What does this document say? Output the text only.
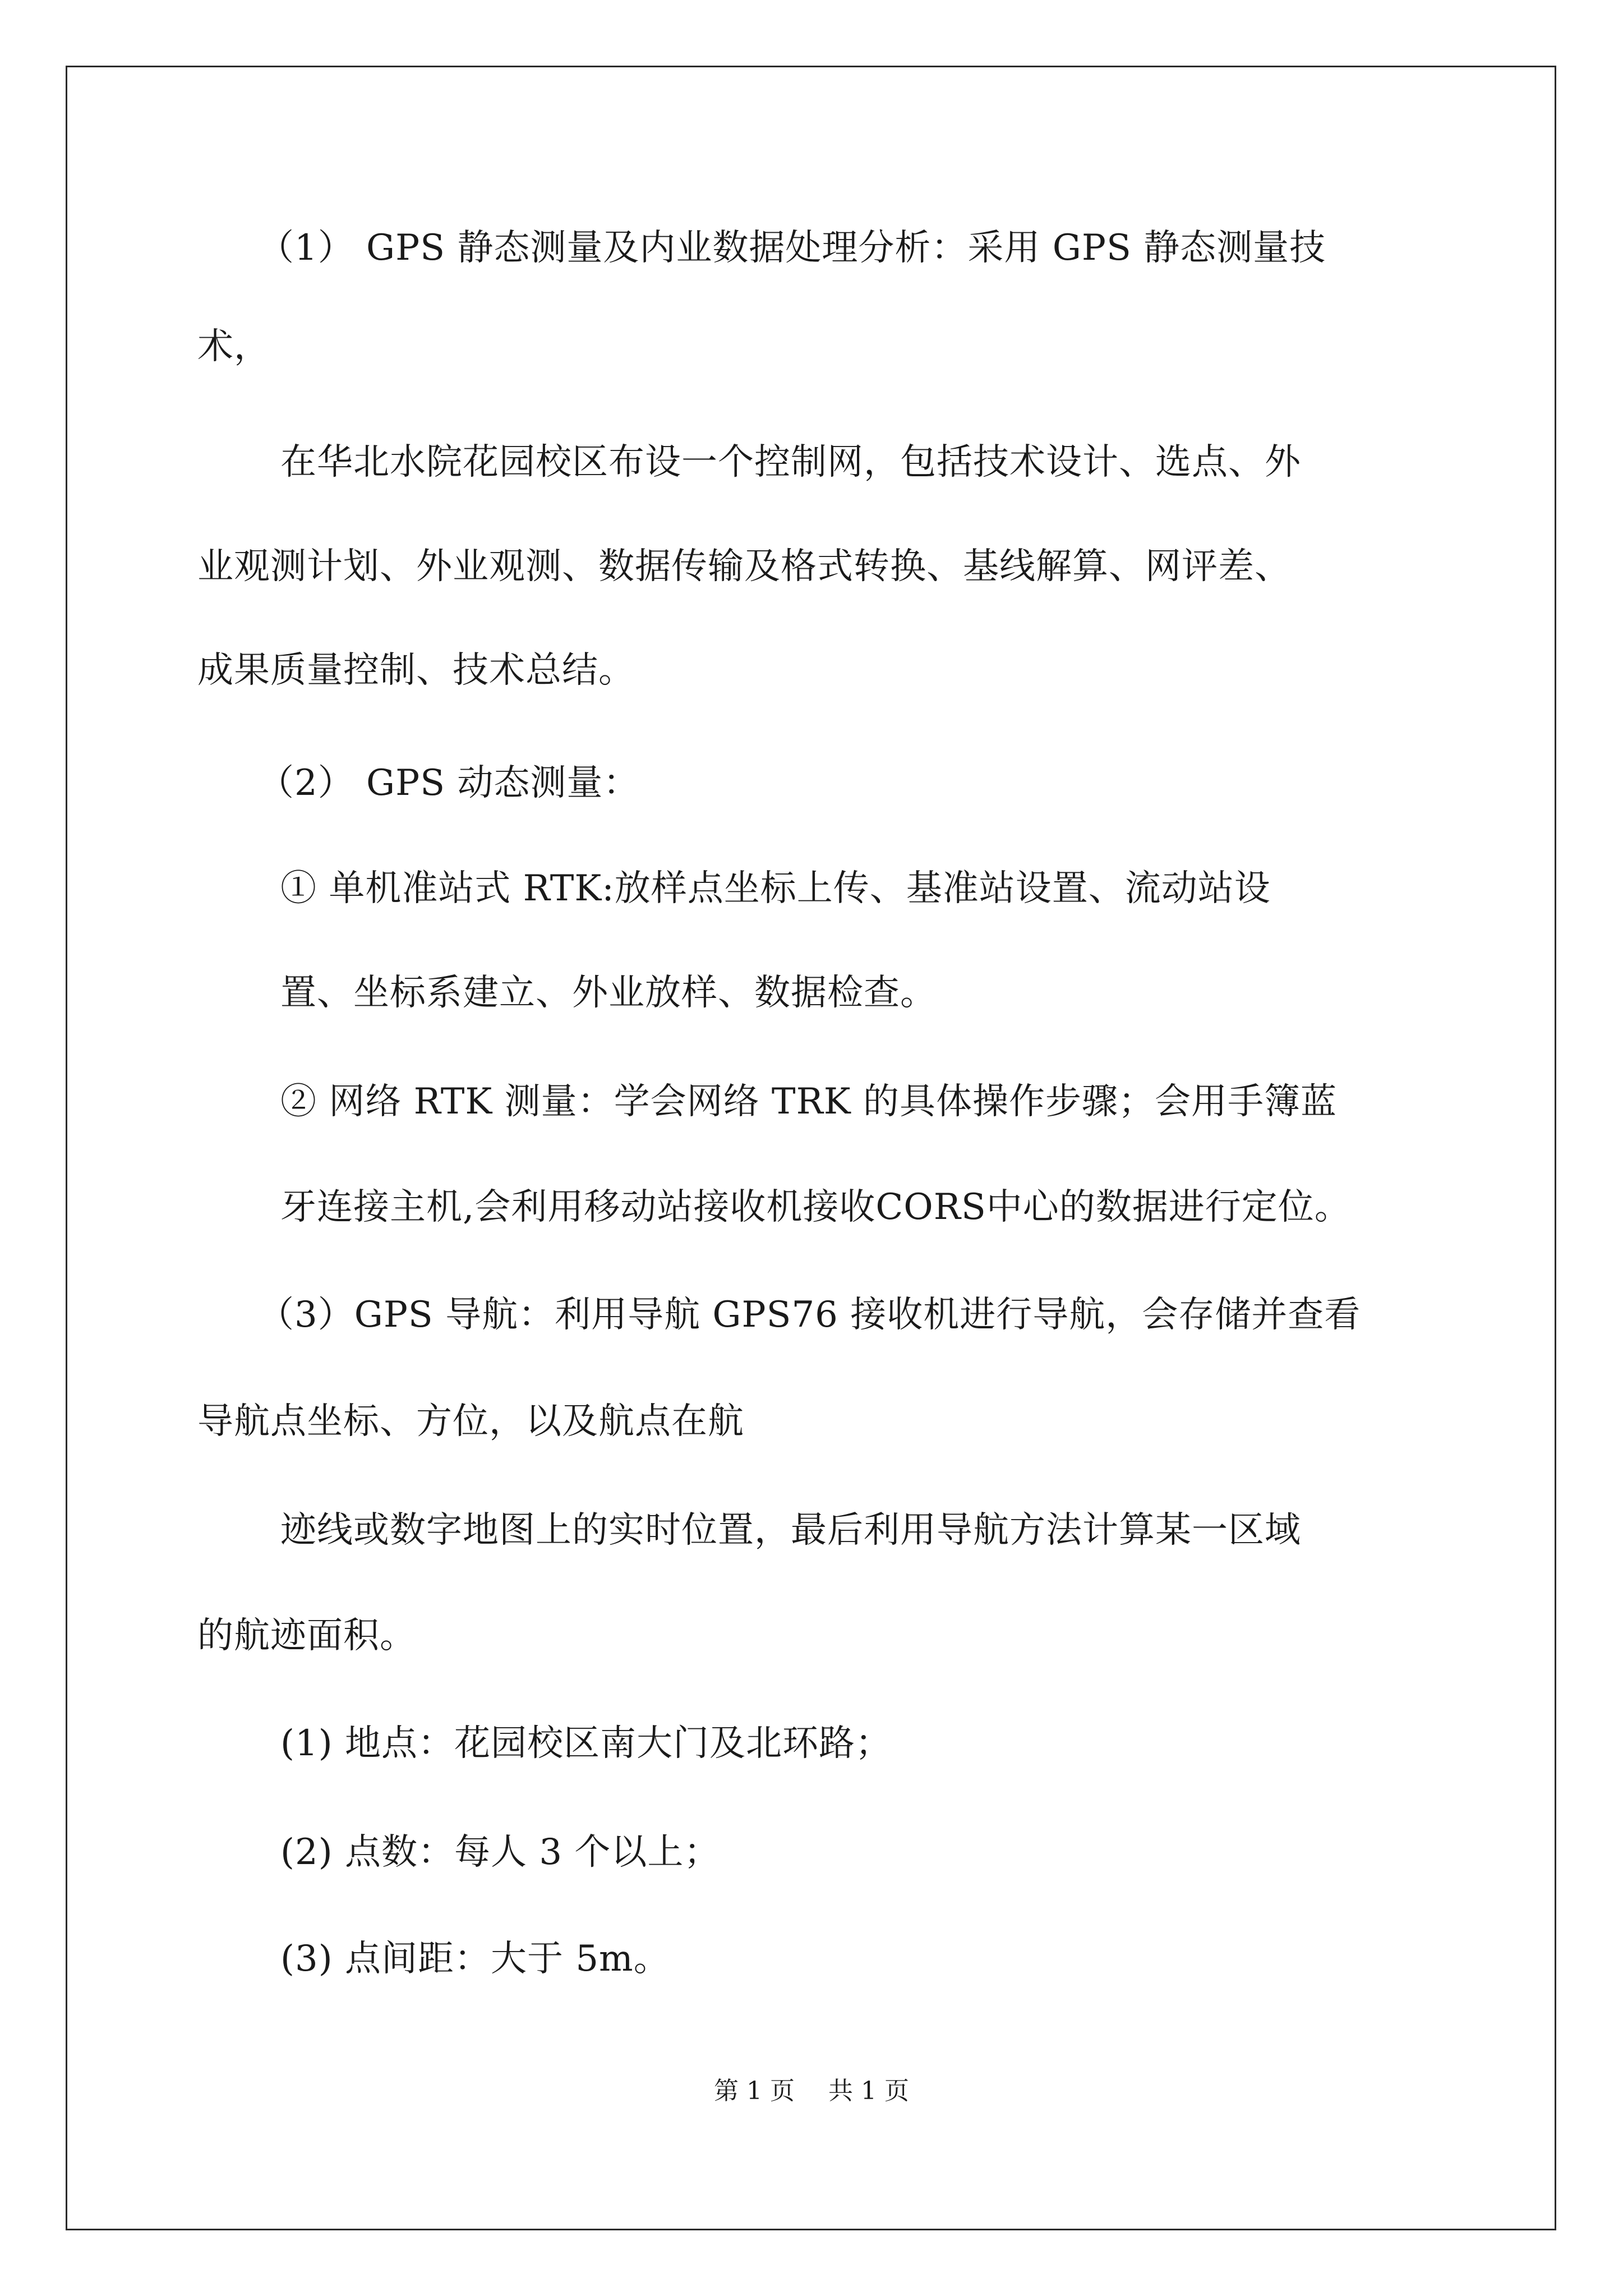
（1） GPS 静态测量及内业数据处理分析：采用 GPS 静态测量技
术，
在华北水院花园校区布设一个控制网，包括技术设计、选点、外
业观测计划、外业观测、数据传输及格式转换、基线解算、网评差、
成果质量控制、技术总结。
（2） GPS 动态测量：
① 单机准站式 RTK:放样点坐标上传、基准站设置、流动站设
置、坐标系建立、外业放样、数据检查。
② 网络 RTK 测量：学会网络 TRK 的具体操作步骤；会用手簿蓝
牙连接主机,会利用移动站接收机接收CORS中心的数据进行定位。
（3）GPS 导航：利用导航 GPS76 接收机进行导航，会存储并查看
导航点坐标、方位，以及航点在航
迹线或数字地图上的实时位置，最后利用导航方法计算某一区域
的航迹面积。
(1) 地点：花园校区南大门及北环路；
(2) 点数：每人 3 个以上；
(3) 点间距：大于 5m。
第 1 页 共 1 页
